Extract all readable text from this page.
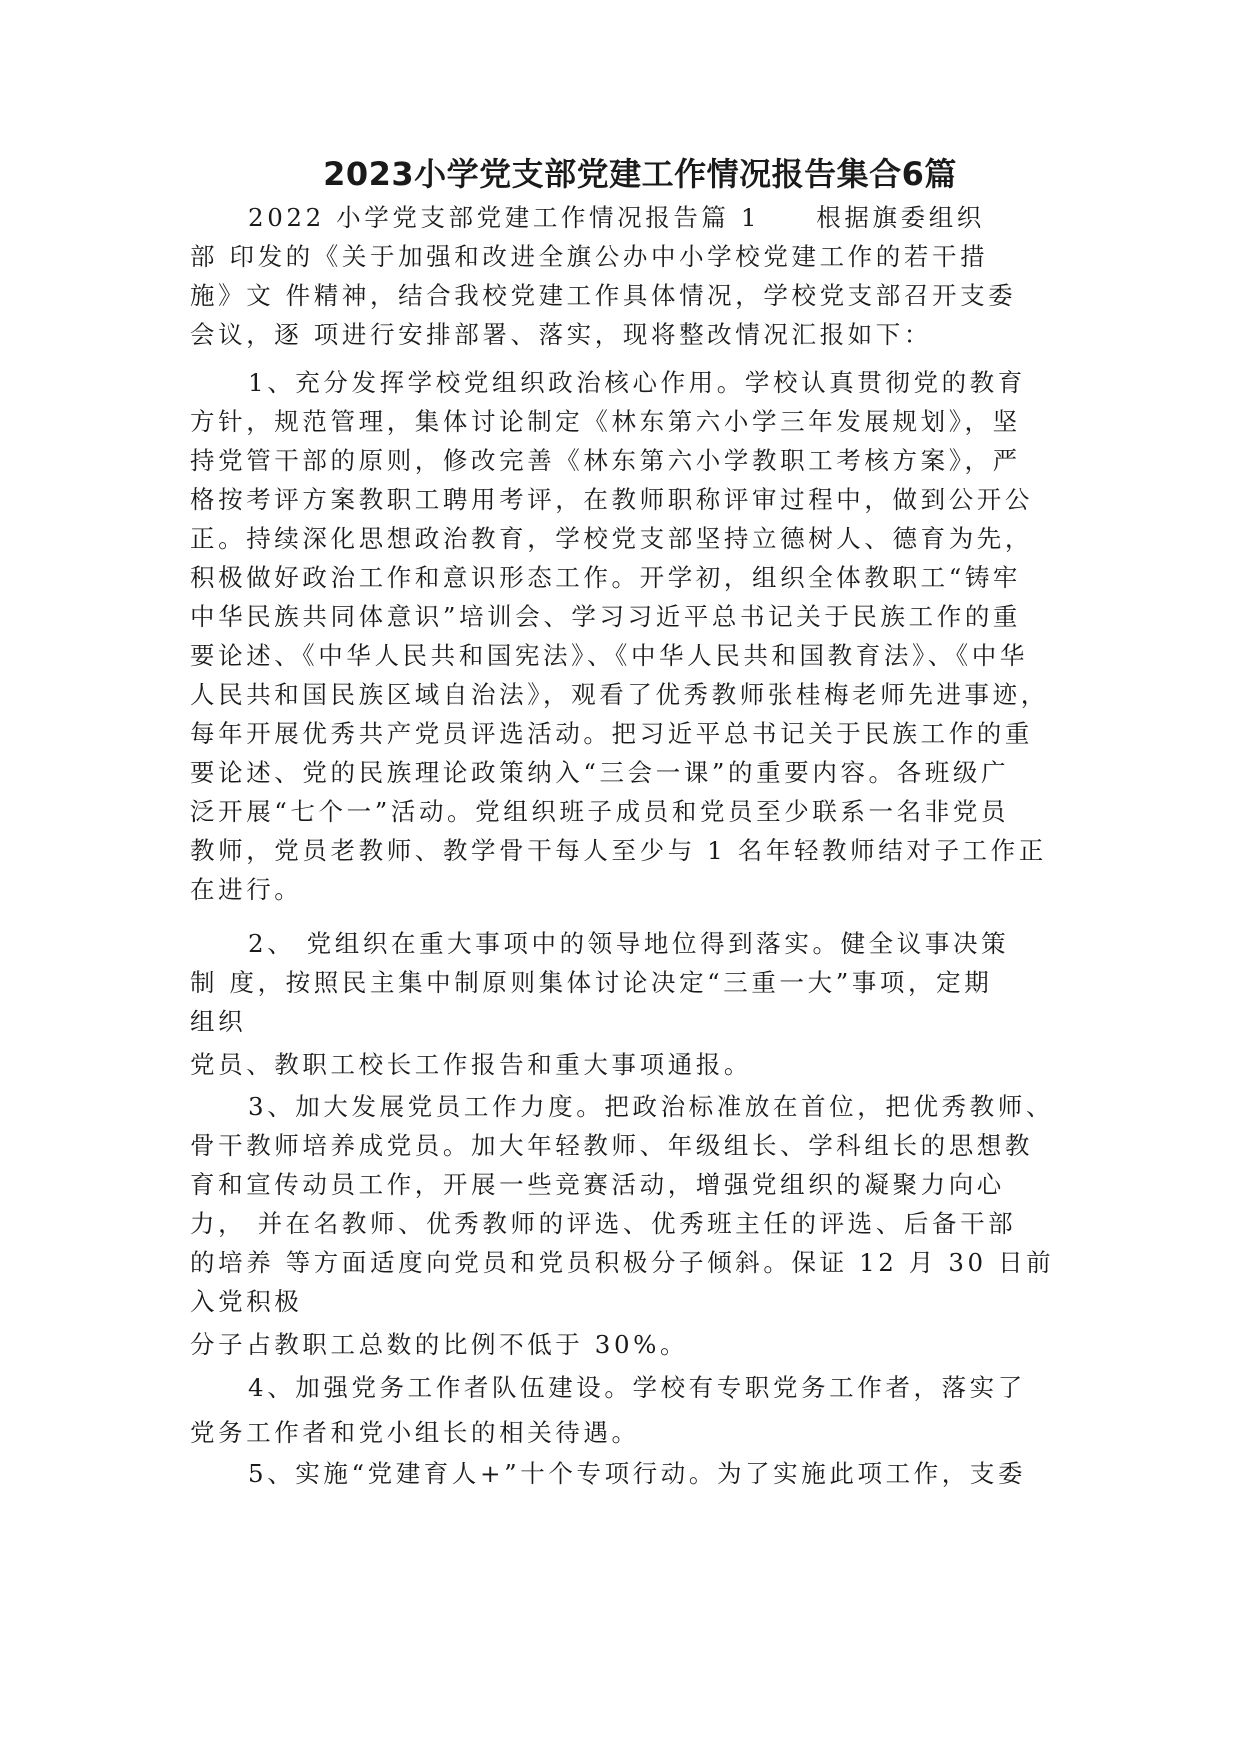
2023小学党支部党建工作情况报告集合6篇
2022 小学党支部党建工作情况报告篇 1　　根据旗委组织
部 印发的《关于加强和改进全旗公办中小学校党建工作的若干措
施》文 件精神，结合我校党建工作具体情况，学校党支部召开支委
会议，逐 项进行安排部署、落实，现将整改情况汇报如下：
1、充分发挥学校党组织政治核心作用。学校认真贯彻党的教育
方针，规范管理，集体讨论制定《林东第六小学三年发展规划》，坚
持党管干部的原则，修改完善《林东第六小学教职工考核方案》，严
格按考评方案教职工聘用考评，在教师职称评审过程中，做到公开公
正。持续深化思想政治教育，学校党支部坚持立德树人、德育为先，
积极做好政治工作和意识形态工作。开学初，组织全体教职工“铸牢
中华民族共同体意识”培训会、学习习近平总书记关于民族工作的重
要论述、《中华人民共和国宪法》、《中华人民共和国教育法》、《中华
人民共和国民族区域自治法》，观看了优秀教师张桂梅老师先进事迹，
每年开展优秀共产党员评选活动。把习近平总书记关于民族工作的重
要论述、党的民族理论政策纳入“三会一课”的重要内容。各班级广
泛开展“七个一”活动。党组织班子成员和党员至少联系一名非党员
教师，党员老教师、教学骨干每人至少与 1 名年轻教师结对子工作正
在进行。
2、 党组织在重大事项中的领导地位得到落实。健全议事决策
制 度，按照民主集中制原则集体讨论决定“三重一大”事项，定期
组织
党员、教职工校长工作报告和重大事项通报。
3、加大发展党员工作力度。把政治标准放在首位，把优秀教师、
骨干教师培养成党员。加大年轻教师、年级组长、学科组长的思想教
育和宣传动员工作，开展一些竞赛活动，增强党组织的凝聚力向心
力， 并在名教师、优秀教师的评选、优秀班主任的评选、后备干部
的培养 等方面适度向党员和党员积极分子倾斜。保证 12 月 30 日前
入党积极
分子占教职工总数的比例不低于 30%。
4、加强党务工作者队伍建设。学校有专职党务工作者，落实了
党务工作者和党小组长的相关待遇。
5、实施“党建育人+”十个专项行动。为了实施此项工作，支委
